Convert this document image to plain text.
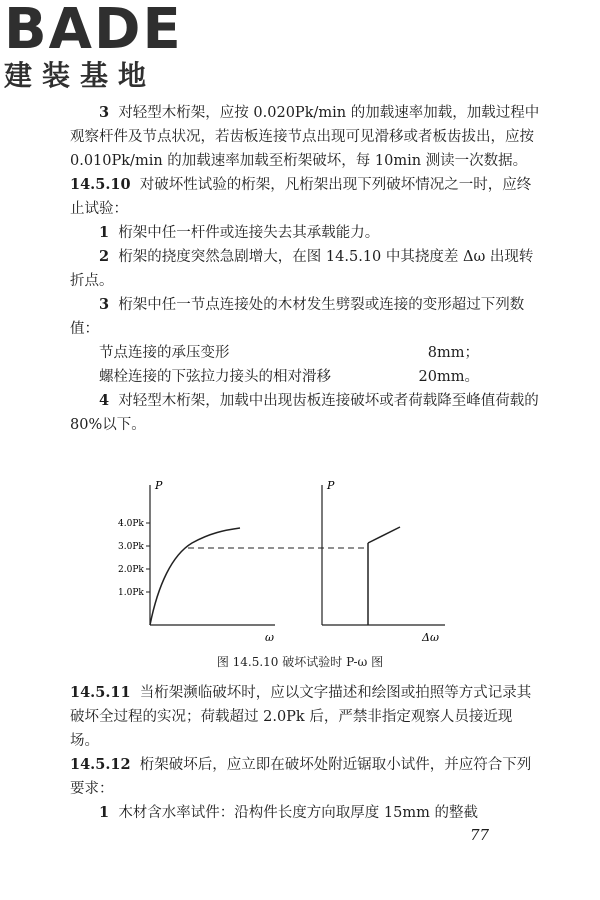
BADE
建装基地

3 对轻型木桁架，应按 0.020Pk/min 的加载速率加载，加载过程中观察杆件及节点状况，若齿板连接节点出现可见滑移或者板齿拔出，应按 0.010Pk/min 的加载速率加载至桁架破坏，每 10min 测读一次数据。

14.5.10 对破坏性试验的桁架，凡桁架出现下列破坏情况之一时，应终止试验：

1 桁架中任一杆件或连接失去其承载能力。

2 桁架的挠度突然急剧增大，在图 14.5.10 中其挠度差 Δω 出现转折点。

3 桁架中任一节点连接处的木材发生劈裂或连接的变形超过下列数值：

节点连接的承压变形	8mm；
螺栓连接的下弦拉力接头的相对滑移	20mm。

4 对轻型木桁架，加载中出现齿板连接破坏或者荷载降至峰值荷载的 80%以下。

P
ω
4.0Pk
3.0Pk
2.0Pk
1.0Pk
P
Δω
图 14.5.10 破坏试验时 P-ω 图

14.5.11 当桁架濒临破坏时，应以文字描述和绘图或拍照等方式记录其破坏全过程的实况；荷载超过 2.0Pk 后，严禁非指定观察人员接近现场。

14.5.12 桁架破坏后，应立即在破坏处附近锯取小试件，并应符合下列要求：

1 木材含水率试件：沿构件长度方向取厚度 15mm 的整截

77
